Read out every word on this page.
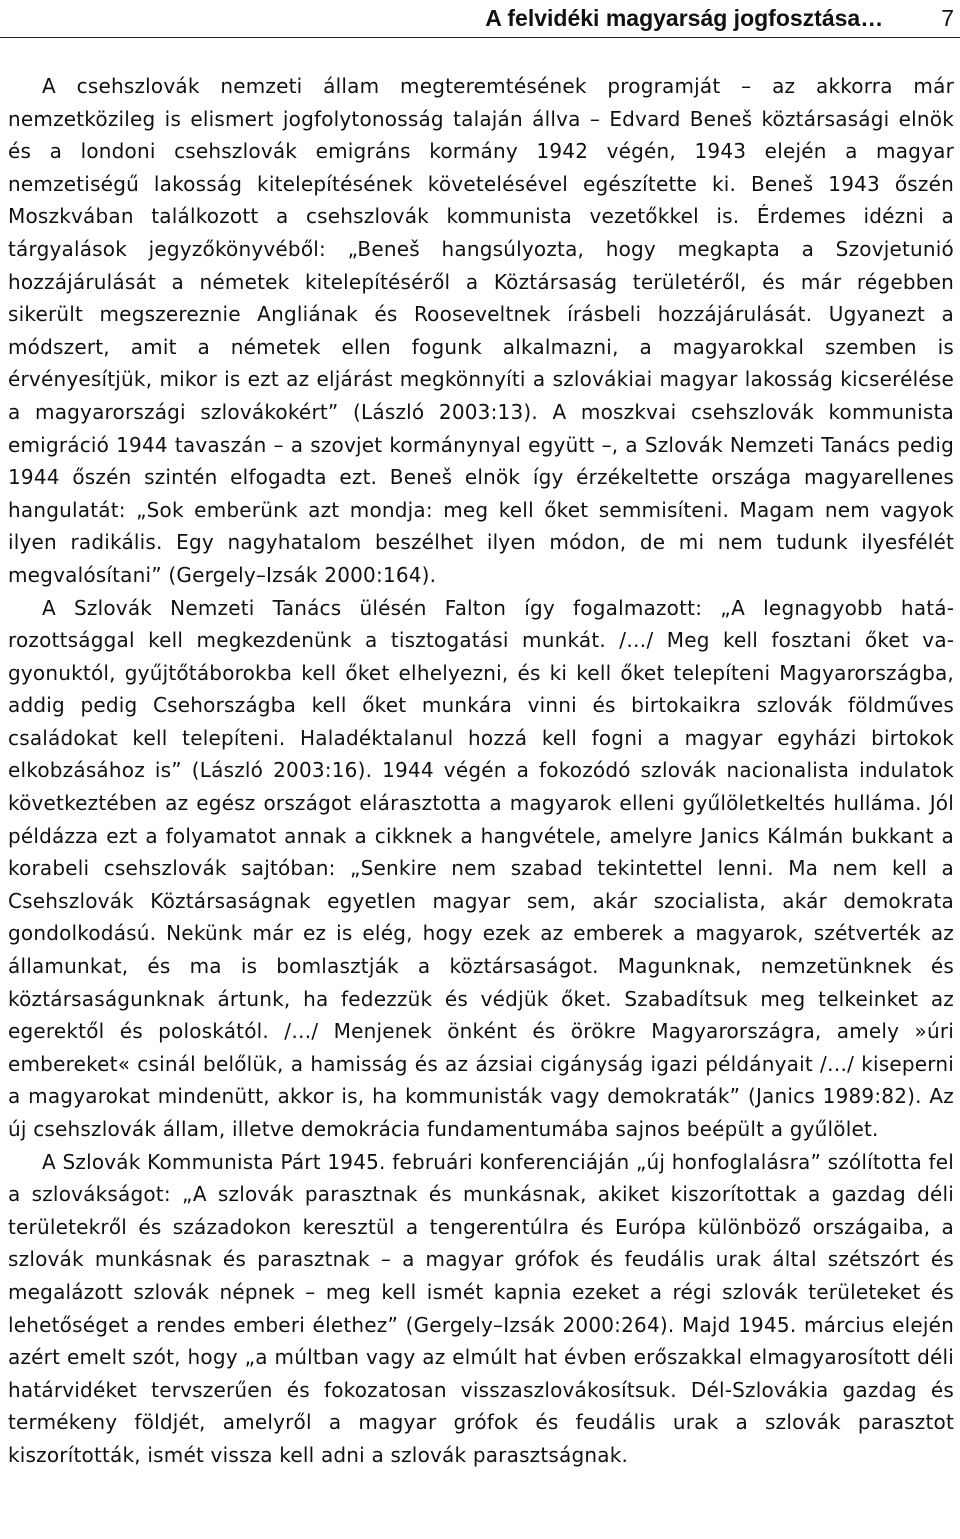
A felvidéki magyarság jogfosztása…	7

A csehszlovák nemzeti állam megteremtésének programját – az akkorra már nemzetközileg is elismert jogfolytonosság talaján állva – Edvard Beneš köztársasági elnök és a londoni csehszlovák emigráns kormány 1942 végén, 1943 elején a magyar nemzetiségű lakosság kitelepítésének követelésével egészítette ki. Beneš 1943 őszén Moszkvában találkozott a csehszlovák kommunista vezetőkkel is. Érdemes idézni a tárgyalások jegyzőkönyvéből: „Beneš hangsúlyozta, hogy megkapta a Szovjetunió hozzájárulását a németek kitelepítéséről a Köztársaság területéről, és már régebben sikerült megszereznie Angliának és Rooseveltnek írásbeli hozzájárulását. Ugyanezt a módszert, amit a németek ellen fogunk alkalmazni, a magyarokkal szemben is érvényesítjük, mikor is ezt az eljárást megkönnyíti a szlovákiai magyar lakosság kicserélése a magyarországi szlovákokért” (László 2003:13). A moszkvai csehszlovák kommunista emigráció 1944 tavaszán – a szovjet kormánynyal együtt –, a Szlovák Nemzeti Tanács pedig 1944 őszén szintén elfogadta ezt. Beneš elnök így érzékeltette országa magyarellenes hangulatát: „Sok emberünk azt mondja: meg kell őket semmisíteni. Magam nem vagyok ilyen radikális. Egy nagyhatalom beszélhet ilyen módon, de mi nem tudunk ilyesfélét megvalósítani” (Gergely–Izsák 2000:164).

A Szlovák Nemzeti Tanács ülésén Falton így fogalmazott: „A legnagyobb határozottsággal kell megkezdenünk a tisztogatási munkát. /…/ Meg kell fosztani őket vagyonuktól, gyűjtőtáborokba kell őket elhelyezni, és ki kell őket telepíteni Magyarországba, addig pedig Csehországba kell őket munkára vinni és birtokaikra szlovák földműves családokat kell telepíteni. Haladéktalanul hozzá kell fogni a magyar egyházi birtokok elkobzásához is” (László 2003:16). 1944 végén a fokozódó szlovák nacionalista indulatok következtében az egész országot elárasztotta a magyarok elleni gyűlöletkeltés hulláma. Jól példázza ezt a folyamatot annak a cikknek a hangvétele, amelyre Janics Kálmán bukkant a korabeli csehszlovák sajtóban: „Senkire nem szabad tekintettel lenni. Ma nem kell a Csehszlovák Köztársaságnak egyetlen magyar sem, akár szocialista, akár demokrata gondolkodású. Nekünk már ez is elég, hogy ezek az emberek a magyarok, szétverték az államunkat, és ma is bomlasztják a köztársaságot. Magunknak, nemzetünknek és köztársaságunknak ártunk, ha fedezzük és védjük őket. Szabadítsuk meg telkeinket az egerektől és poloskától. /…/ Menjenek önként és örökre Magyarországra, amely »úri embereket« csinál belőlük, a hamisság és az ázsiai cigányság igazi példányait /…/ kiseperni a magyarokat mindenütt, akkor is, ha kommunisták vagy demokraták” (Janics 1989:82). Az új csehszlovák állam, illetve demokrácia fundamentumába sajnos beépült a gyűlölet.

A Szlovák Kommunista Párt 1945. februári konferenciáján „új honfoglalásra” szólította fel a szlovákságot: „A szlovák parasztnak és munkásnak, akiket kiszorítottak a gazdag déli területekről és századokon keresztül a tengerentúlra és Európa különböző országaiba, a szlovák munkásnak és parasztnak – a magyar grófok és feudális urak által szétszórt és megalázott szlovák népnek – meg kell ismét kapnia ezeket a régi szlovák területeket és lehetőséget a rendes emberi élethez” (Gergely–Izsák 2000:264). Majd 1945. március elején azért emelt szót, hogy „a múltban vagy az elmúlt hat évben erőszakkal elmagyarosított déli határvidéket tervszerűen és fokozatosan visszaszlovákosítsuk. Dél-Szlovákia gazdag és termékeny földjét, amelyről a magyar grófok és feudális urak a szlovák parasztot kiszorították, ismét vissza kell adni a szlovák parasztságnak.
